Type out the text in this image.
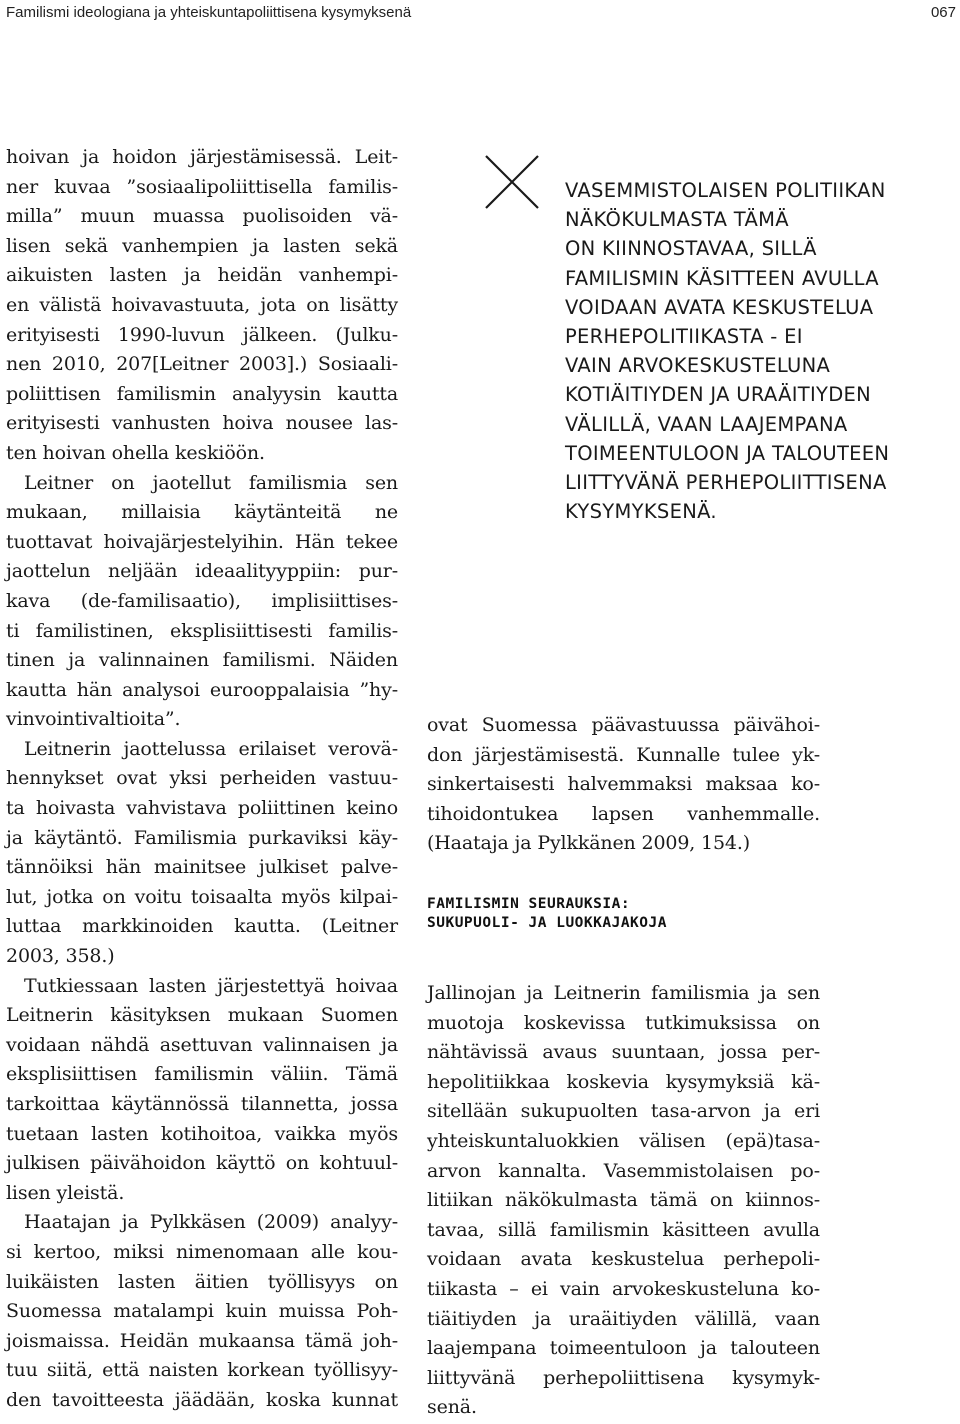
Familismi ideologiana ja yhteiskuntapoliittisena kysymyksenä	067
hoivan ja hoidon järjestämisessä. Leit-
ner kuvaa ”sosiaalipoliittisella familis-
milla” muun muassa puolisoiden vä-
lisen sekä vanhempien ja lasten sekä
aikuisten lasten ja heidän vanhempi-
en välistä hoivavastuuta, jota on lisätty
erityisesti 1990-luvun jälkeen. (Julku-
nen 2010, 207[Leitner 2003].) Sosiaali-
poliittisen familismin analyysin kautta
erityisesti vanhusten hoiva nousee las-
ten hoivan ohella keskiöön.
Leitner on jaotellut familismia sen
mukaan, millaisia käytänteitä ne
tuottavat hoivajärjestelyihin. Hän tekee
jaottelun neljään ideaalityyppiin: pur-
kava (de-familisaatio), implisiittises-
ti familistinen, eksplisiittisesti familis-
tinen ja valinnainen familismi. Näiden
kautta hän analysoi eurooppalaisia ”hy-
vinvointivaltioita”.
Leitnerin jaottelussa erilaiset verovä-
hennykset ovat yksi perheiden vastuu-
ta hoivasta vahvistava poliittinen keino
ja käytäntö. Familismia purkaviksi käy-
tännöiksi hän mainitsee julkiset palve-
lut, jotka on voitu toisaalta myös kilpai-
luttaa markkinoiden kautta. (Leitner
2003, 358.)
Tutkiessaan lasten järjestettyä hoivaa
Leitnerin käsityksen mukaan Suomen
voidaan nähdä asettuvan valinnaisen ja
eksplisiittisen familismin väliin. Tämä
tarkoittaa käytännössä tilannetta, jossa
tuetaan lasten kotihoitoa, vaikka myös
julkisen päivähoidon käyttö on kohtuul-
lisen yleistä.
Haatajan ja Pylkkäsen (2009) analyy-
si kertoo, miksi nimenomaan alle kou-
luikäisten lasten äitien työllisyys on
Suomessa matalampi kuin muissa Poh-
joismaissa. Heidän mukaansa tämä joh-
tuu siitä, että naisten korkean työllisyy-
den tavoitteesta jäädään, koska kunnat
VASEMMISTOLAISEN POLITIIKAN
NÄKÖKULMASTA TÄMÄ
ON KIINNOSTAVAA, SILLÄ
FAMILISMIN KÄSITTEEN AVULLA
VOIDAAN AVATA KESKUSTELUA
PERHEPOLITIIKASTA - EI
VAIN ARVOKESKUSTELUNA
KOTIÄITIYDEN JA URAÄITIYDEN
VÄLILLÄ, VAAN LAAJEMPANA
TOIMEENTULOON JA TALOUTEEN
LIITTYVÄNÄ PERHEPOLIITTISENA
KYSYMYKSENÄ.
ovat Suomessa päävastuussa päivähoi-
don järjestämisestä. Kunnalle tulee yk-
sinkertaisesti halvemmaksi maksaa ko-
tihoidontukea lapsen vanhemmalle.
(Haataja ja Pylkkänen 2009, 154.)
FAMILISMIN SEURAUKSIA:
SUKUPUOLI- JA LUOKKAJAKOJA
Jallinojan ja Leitnerin familismia ja sen
muotoja koskevissa tutkimuksissa on
nähtävissä avaus suuntaan, jossa per-
hepolitiikkaa koskevia kysymyksiä kä-
sitellään sukupuolten tasa-arvon ja eri
yhteiskuntaluokkien välisen (epä)tasa-
arvon kannalta. Vasemmistolaisen po-
litiikan näkökulmasta tämä on kiinnos-
tavaa, sillä familismin käsitteen avulla
voidaan avata keskustelua perhepoli-
tiikasta – ei vain arvokeskusteluna ko-
tiäitiyden ja uraäitiyden välillä, vaan
laajempana toimeentuloon ja talouteen
liittyvänä perhepoliittisena kysymyk-
senä.
